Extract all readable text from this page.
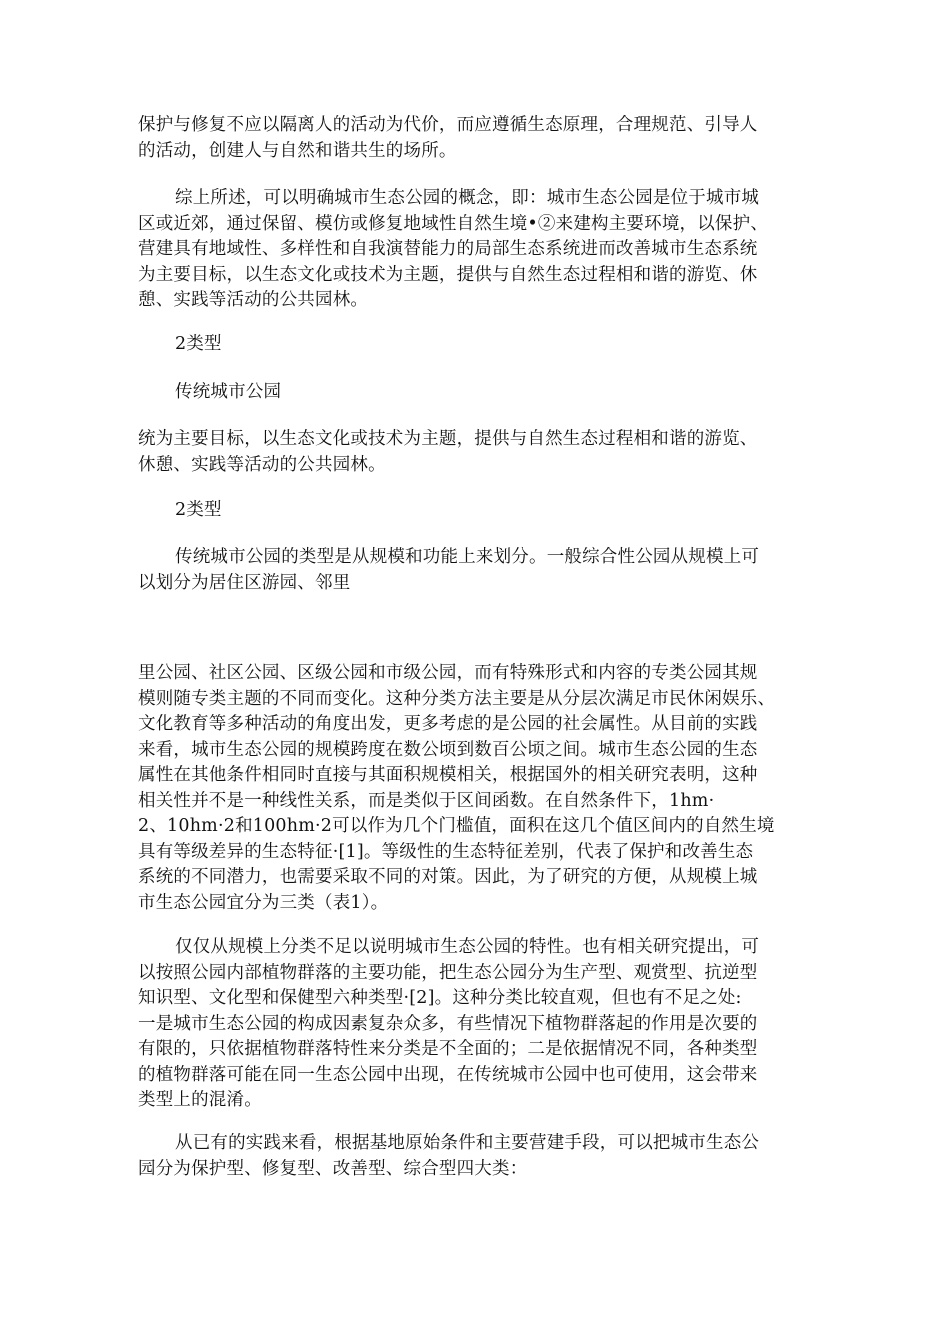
保护与修复不应以隔离人的活动为代价，而应遵循生态原理，合理规范、引导人
的活动，创建人与自然和谐共生的场所。

综上所述，可以明确城市生态公园的概念，即：城市生态公园是位于城市城
区或近郊，通过保留、模仿或修复地域性自然生境•②来建构主要环境，以保护、
营建具有地域性、多样性和自我演替能力的局部生态系统进而改善城市生态系统
为主要目标，以生态文化或技术为主题，提供与自然生态过程相和谐的游览、休
憩、实践等活动的公共园林。

2类型

传统城市公园

统为主要目标，以生态文化或技术为主题，提供与自然生态过程相和谐的游览、
休憩、实践等活动的公共园林。

2类型

传统城市公园的类型是从规模和功能上来划分。一般综合性公园从规模上可
以划分为居住区游园、邻里

里公园、社区公园、区级公园和市级公园，而有特殊形式和内容的专类公园其规
模则随专类主题的不同而变化。这种分类方法主要是从分层次满足市民休闲娱乐、
文化教育等多种活动的角度出发，更多考虑的是公园的社会属性。从目前的实践
来看，城市生态公园的规模跨度在数公顷到数百公顷之间。城市生态公园的生态
属性在其他条件相同时直接与其面积规模相关，根据国外的相关研究表明，这种
相关性并不是一种线性关系，而是类似于区间函数。在自然条件下，1hm·
2、10hm·2和100hm·2可以作为几个门槛值，面积在这几个值区间内的自然生境
具有等级差异的生态特征·[1]。等级性的生态特征差别，代表了保护和改善生态
系统的不同潜力，也需要采取不同的对策。因此，为了研究的方便，从规模上城
市生态公园宜分为三类（表1）。

仅仅从规模上分类不足以说明城市生态公园的特性。也有相关研究提出，可
以按照公园内部植物群落的主要功能，把生态公园分为生产型、观赏型、抗逆型
知识型、文化型和保健型六种类型·[2]。这种分类比较直观，但也有不足之处:
一是城市生态公园的构成因素复杂众多，有些情况下植物群落起的作用是次要的
有限的，只依据植物群落特性来分类是不全面的；二是依据情况不同，各种类型
的植物群落可能在同一生态公园中出现，在传统城市公园中也可使用，这会带来
类型上的混淆。

从已有的实践来看，根据基地原始条件和主要营建手段，可以把城市生态公
园分为保护型、修复型、改善型、综合型四大类：
